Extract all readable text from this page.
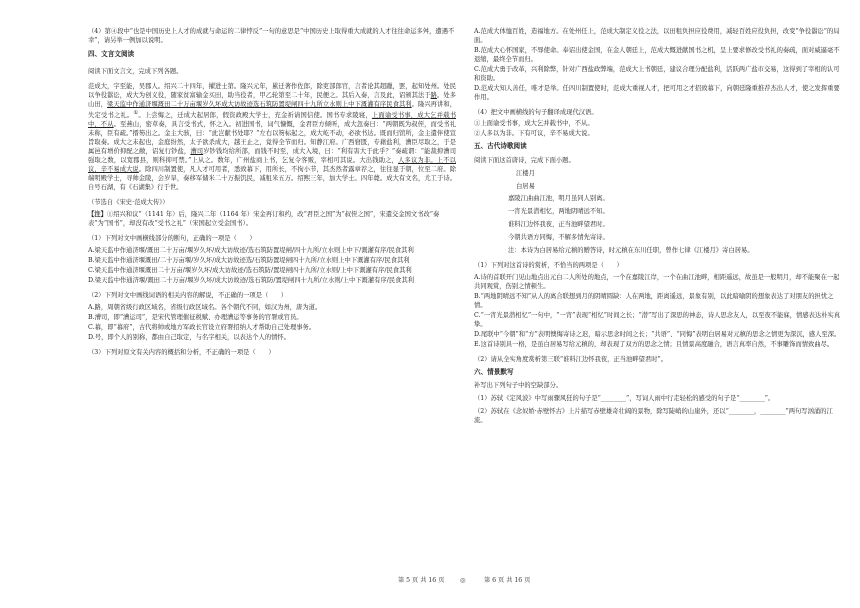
（4）第④段中“也是中国历史上人才的成就与命运的二律悖反”一句的意思是“中国历史上取得重大成就的人才往往命运多舛，遭遇不幸”，请另举一例加以说明。

四、文言文阅读

阅读下面文言文，完成下列各题。

范成大，字至能，吴郡人。绍兴二十四年，擢进士第。隆兴元年，累迁著作佐郎，除吏部郎官，言者论其超躐，罢，起知处州。处民以争役嚣讼，成大为创义役，随家贫富输金买田，助当役者，甲乙轮第至二十年，民便之。其后入奏，言及此，诏颁其法于路。处多山田，梁天监中作通济堰溉田二十万亩堰岁久坏成大访故迹选石筑防置堤闸四十九所立水则上中下溉灌有序民食其利。隆兴再讲和，失定受书之礼。①。上尝悔之，迁成大起居郎，假资政殿大学士，充金祈请国信使。国书专求陵寝，上面谕受书事，成大乞并载书中，不从。至燕山，密草奏，具言受书式，怀之入。初进国书，词气慷慨，金君臣方倾听，成大忽奏曰：“两朝既为叔侄，而受书礼未称，臣有疏。”搢笏出之。金主大骇，曰：“此岂献书处耶？”左右以笏标起之，成大屹不动，必欲书达。既而归馆所，金主遣伴使宣旨取奏。成大之未起也，金庭纷然，太子欲杀成大，越王止之，竟得全节而归。知静江府。广西窘匮，专藉盐利，漕臣尽取之，于是属邑有增价抑配之敝，诏复行钞盐，漕司岁钞钱均给所部，而钱不时至，成大入境，曰：“利有害大于此乎？”奏疏谓：“能裁抑漕司强取之数，以宽郡县，则科抑可禁。”上从之。数年，广州盐商上书，乞复令客贩，宰相可其说。大出钱助之，人多议为非。上不以议，辛不易成大说。除四川制置使，凡人才可用者，悉致幕下，用所长，不拘小节，其杰然者露章荐之，往往显于朝，位至二府。除端明殿学士，寻帅金陵，会岁旱，奏移军储米二十万振饥民，减租米五万。绍熙三年，加大学士。四年薨。成大有文名，尤工于诗。自号石湖，有《石湖集》行于世。

（节选自《宋史·范成大传》）

【注】①绍兴和议”（1141 年）后，隆兴二年（1164 年）宋金再订和约，改“君臣之国”为“叔侄之国”，宋遣交金国文书改“奏表”为“国书”，却没有改“受书之礼”（宋国起立受金国书）。

（1）下列对文中画横线部分的断句，正确的一项是（　　）

A.梁天监中作通济堰/溉田二十万亩/堰岁久坏/成大访故迹/选石筑防置堤闸/四十九所/立水则上中下/溉灌有序/民食其利

B.梁天监中作通济堰溉田/二十万亩堰/岁久坏/成大访故迹选/石筑防置堤闸四十九所/立水则上中下溉灌有序/民食其利

C.梁天监中作通济堰溉田二十万亩/堰岁久坏/成大访故迹/选石筑防/置堤闸四十九所/立水则/上中下溉灌有序/民食其利

D.梁天监中作通济堰/溉田二十万亩/堰岁久坏/成大访故迹/选石筑防/置堤闸四十九所/立水则/上中下溉灌有序/民食其利

（2）下列对文中画线词语的相关内容的解说，不正确的一项是（　　）

A.路，周朝省级行政区域名，省级行政区域名。各个朝代不同，如汉为州，唐为道。

B.漕司，即“漕运司”，是宋代管理催征税赋、办理漕运等事务的官署或官员。

C.幕，即“幕府”，古代将帅或地方军政长官设立府署招纳人才帮助自己处理事务。

D.号，即个人的别称，都由自己取定，与名字相关，以表达个人的情怀。

（3）下列对原文有关内容的概括和分析，不正确的一项是（　　）

A.范成大体恤百姓，造福地方。在处州任上，范成大制定义役之法，以田租负担应役费用，减轻百姓应役负担，改变“争役嚣讼”的局面。

B.范成大心怀国家，不辱使命。奉诏出使金国，在金人朝廷上，范成大慨进献国书之机，呈上要求修改受书礼的奏疏，面对威逼毫不退缩，最终全节而归。

C.范成大勇于改革，兴利除弊，针对广西盐政弊端，范成大上书朝廷，建议合理分配盐利，活跃两广盐市交易，这得到了宰相的认可和资助。

D.范成大知人善任，唯才是举。任四川制置使时，范成大重视人才，把可用之才招致幕下，向朝廷隆重推荐杰出人才，使之发挥重要作用。

（4）把文中画横线的句子翻译成现代汉语。

①上面谕受书事，成大乞并载书中，不从。

②人多以为非。下有可议，辛不易成大说。

五、古代诗歌阅读

阅读下面这首唐诗，完成下面小题。

江楼月

白居易

嘉陵江曲曲江池，明月虽同人别离。

一宵光景潜相忆，两地阴晴远不知。

谁料江边怀我夜，正当池畔望君时。

今朝共语方同悔，不解多情先寄诗。

注：本诗为白居易给元稹的赠答诗，时元稹在东川任职，曾作七律《江楼月》寄白居易。

（1）下列对这首诗的赏析，不恰当的两项是（　　）

A.诗的首联开门见山地点出元白二人所处的地点，一个在嘉陵江岸，一个在曲江池畔，相距遥远，故虽是一般明月，却不能聚在一起共同观赏，伤别之情顿生。

B.“两地阴晴远不知”从人的离合联想到月的阴晴圆缺：人在两地，距离遥远，景象有别，以此暗喻阴的想象表达了对朋友的担忧之情。

C.“一宵光景潜相忆”一句中，“一宵”表现“相忆”时间之长；“潜”写出了深思的神态，诗人思念友人，以至夜不能寐，情感表达朴实真挚。

D.尾联中“今朝”和“方”表明懊悔寄诗之迟，暗示思念时间之长；“共语”、“同悔”表明白居易对元稹的思念之情更为深沉，感人至深。

E.这首诗别具一格，是虽白居易写给元稹的，却表现了双方的思念之情；且情景高度融合，语言真率自然，不事雕饰而情致曲尽。

（2）请从全实角度赏析第三联“谁料江边怀我夜，正当池畔望君时”。

六、情景默写

补写出下列句子中的空缺部分。

（1）苏轼《定风波》中写雨骤风狂的句子是“________”，写词人雨中行走轻松的感受的句子是“________”。

（2）苏轼在《念奴娇·赤壁怀古》上片描写赤壁雄奇壮阔的景物，除写陡峭的山崖外，还以“________，________”两句写汹涌的江流。

第 5 页 共 16 页	◎	第 6 页 共 16 页
